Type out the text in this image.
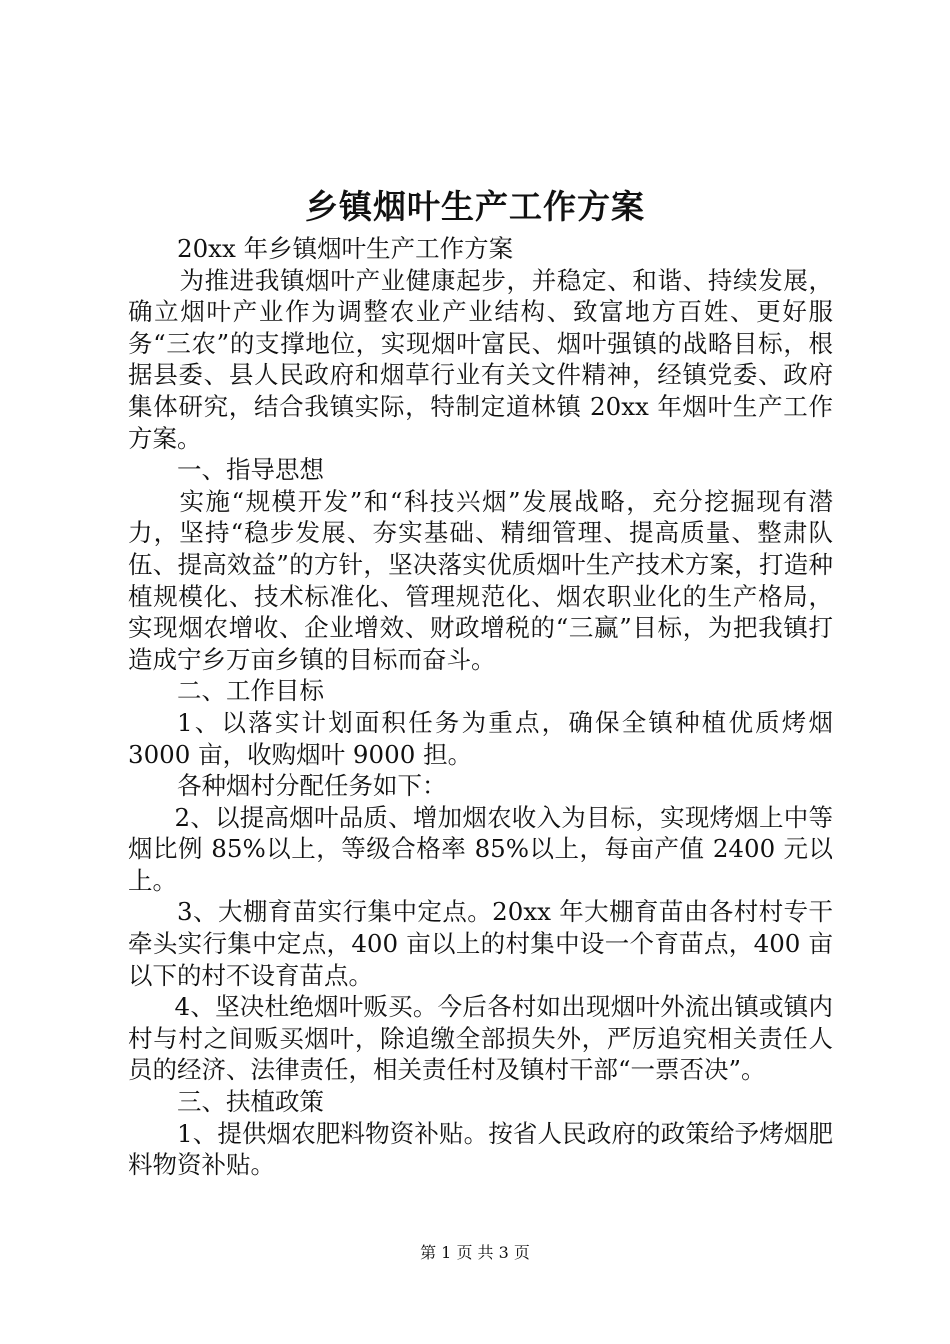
乡镇烟叶生产工作方案

20xx 年乡镇烟叶生产工作方案

为推进我镇烟叶产业健康起步，并稳定、和谐、持续发展，确立烟叶产业作为调整农业产业结构、致富地方百姓、更好服务“三农”的支撑地位，实现烟叶富民、烟叶强镇的战略目标，根据县委、县人民政府和烟草行业有关文件精神，经镇党委、政府集体研究，结合我镇实际，特制定道林镇 20xx 年烟叶生产工作方案。

一、指导思想

实施“规模开发”和“科技兴烟”发展战略，充分挖掘现有潜力，坚持“稳步发展、夯实基础、精细管理、提高质量、整肃队伍、提高效益”的方针，坚决落实优质烟叶生产技术方案，打造种植规模化、技术标准化、管理规范化、烟农职业化的生产格局，实现烟农增收、企业增效、财政增税的“三赢”目标，为把我镇打造成宁乡万亩乡镇的目标而奋斗。

二、工作目标

1、以落实计划面积任务为重点，确保全镇种植优质烤烟 3000 亩，收购烟叶 9000 担。

各种烟村分配任务如下：

2、以提高烟叶品质、增加烟农收入为目标，实现烤烟上中等烟比例 85%以上，等级合格率 85%以上，每亩产值 2400 元以上。

3、大棚育苗实行集中定点。20xx 年大棚育苗由各村村专干牵头实行集中定点，400 亩以上的村集中设一个育苗点，400 亩以下的村不设育苗点。

4、坚决杜绝烟叶贩买。今后各村如出现烟叶外流出镇或镇内村与村之间贩买烟叶，除追缴全部损失外，严厉追究相关责任人员的经济、法律责任，相关责任村及镇村干部“一票否决”。

三、扶植政策

1、提供烟农肥料物资补贴。按省人民政府的政策给予烤烟肥料物资补贴。

第 1 页 共 3 页
